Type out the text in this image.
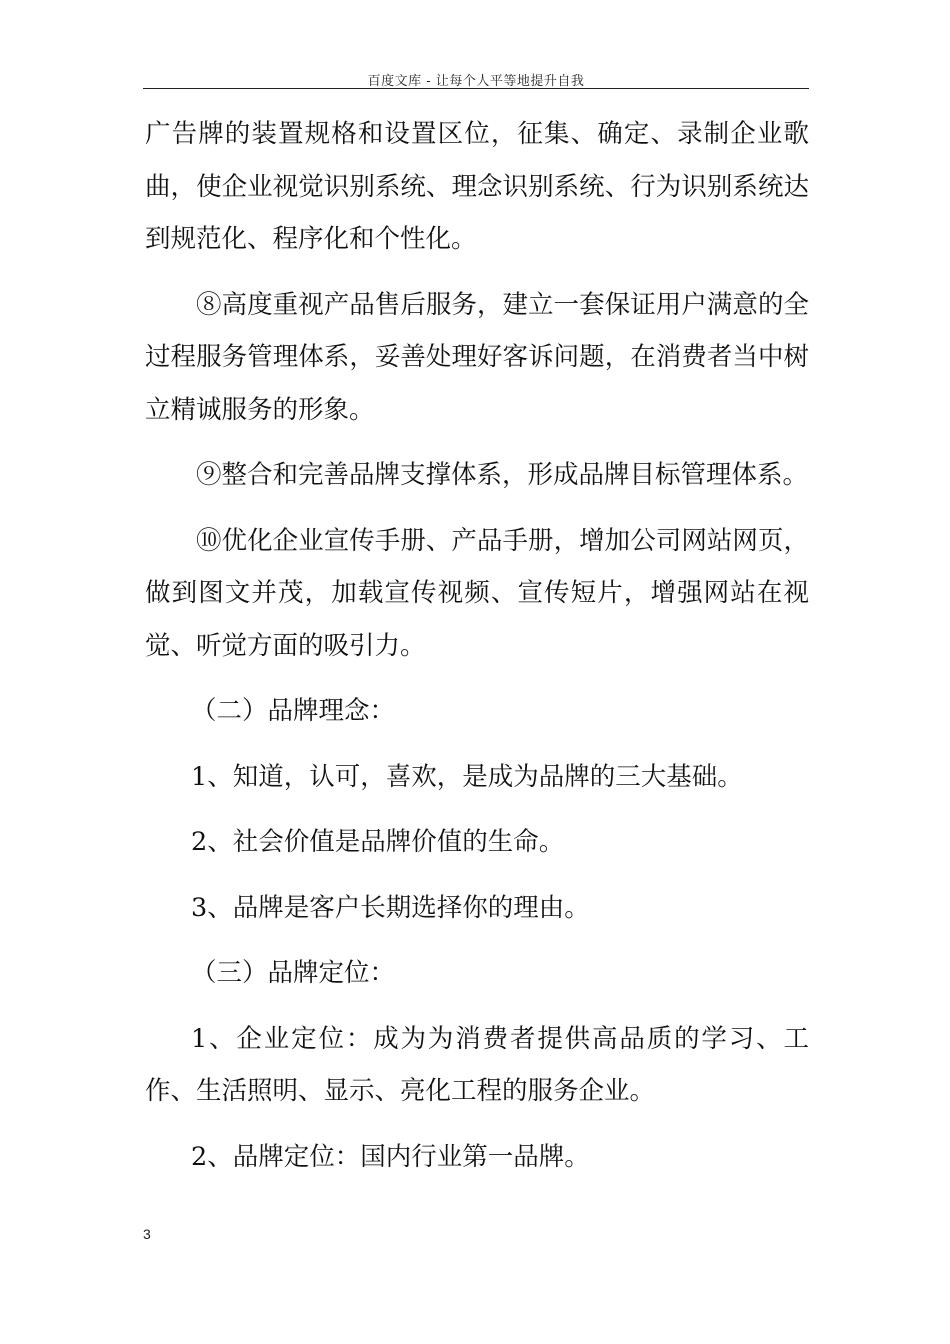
百度文库 - 让每个人平等地提升自我

广告牌的装置规格和设置区位，征集、确定、录制企业歌曲，使企业视觉识别系统、理念识别系统、行为识别系统达到规范化、程序化和个性化。

⑧高度重视产品售后服务，建立一套保证用户满意的全过程服务管理体系，妥善处理好客诉问题，在消费者当中树立精诚服务的形象。

⑨整合和完善品牌支撑体系，形成品牌目标管理体系。

⑩优化企业宣传手册、产品手册，增加公司网站网页，做到图文并茂，加载宣传视频、宣传短片，增强网站在视觉、听觉方面的吸引力。

（二）品牌理念：

1、知道，认可，喜欢，是成为品牌的三大基础。

2、社会价值是品牌价值的生命。

3、品牌是客户长期选择你的理由。

（三）品牌定位：

1、企业定位：成为为消费者提供高品质的学习、工作、生活照明、显示、亮化工程的服务企业。

2、品牌定位：国内行业第一品牌。

3
